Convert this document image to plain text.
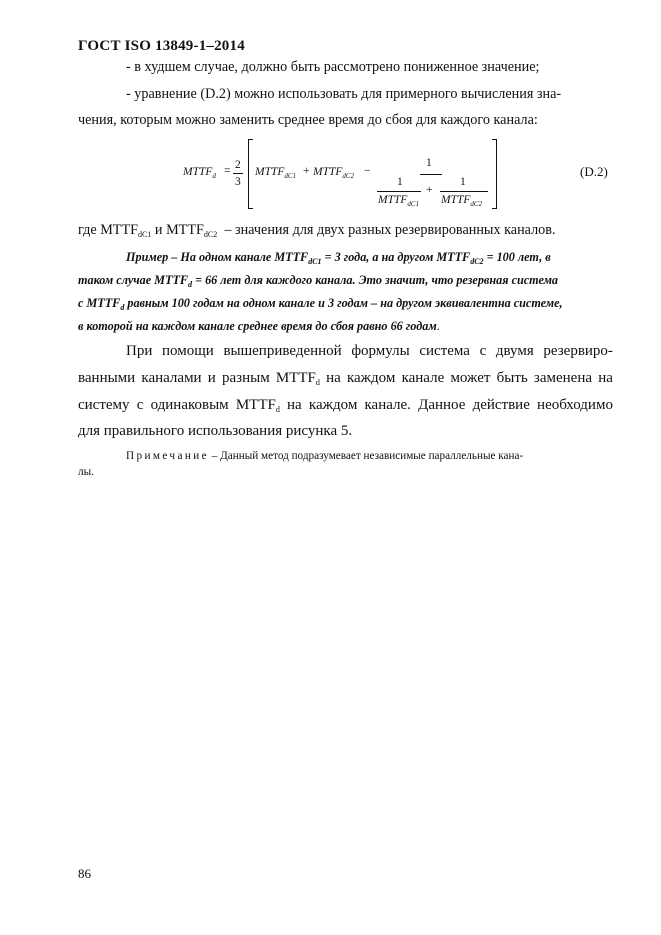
ГОСТ ISO 13849-1–2014
- в худшем случае, должно быть рассмотрено пониженное значение;
- уравнение (D.2) можно использовать для примерного вычисления зна-
чения, которым можно заменить среднее время до сбоя для каждого канала:
$MTTF_d = 2$
3
$MTTF_{dC1}$ + $MTTF_{dC2}$ −
1
1
$MTTF_{dC1}$
+
1
$MTTF_{dC2}$
(D.2)
где $MTTF_{dC1}$ и $MTTF_{dC2}$ – значения для двух разных резервированных каналов.
Пример – На одном канале $MTTF_{dC1} = 3$ года, а на другом $MTTF_{dC2} = 100$ лет, в
таком случае $MTTF_d = 66$ лет для каждого канала. Это значит, что резервная система
с $MTTF_d$ равным 100 годам на одном канале и 3 годам – на другом эквивалентна системе,
в которой на каждом канале среднее время до сбоя равно 66 годам.
При помощи вышеприведенной формулы система с двумя резервиро-
ванными каналами и разным $MTTF_d$ на каждом канале может быть заменена на
систему с одинаковым $MTTF_d$ на каждом канале. Данное действие необходимо
для правильного использования рисунка 5.
Примечание – Данный метод подразумевает независимые параллельные кана-
лы.
86
